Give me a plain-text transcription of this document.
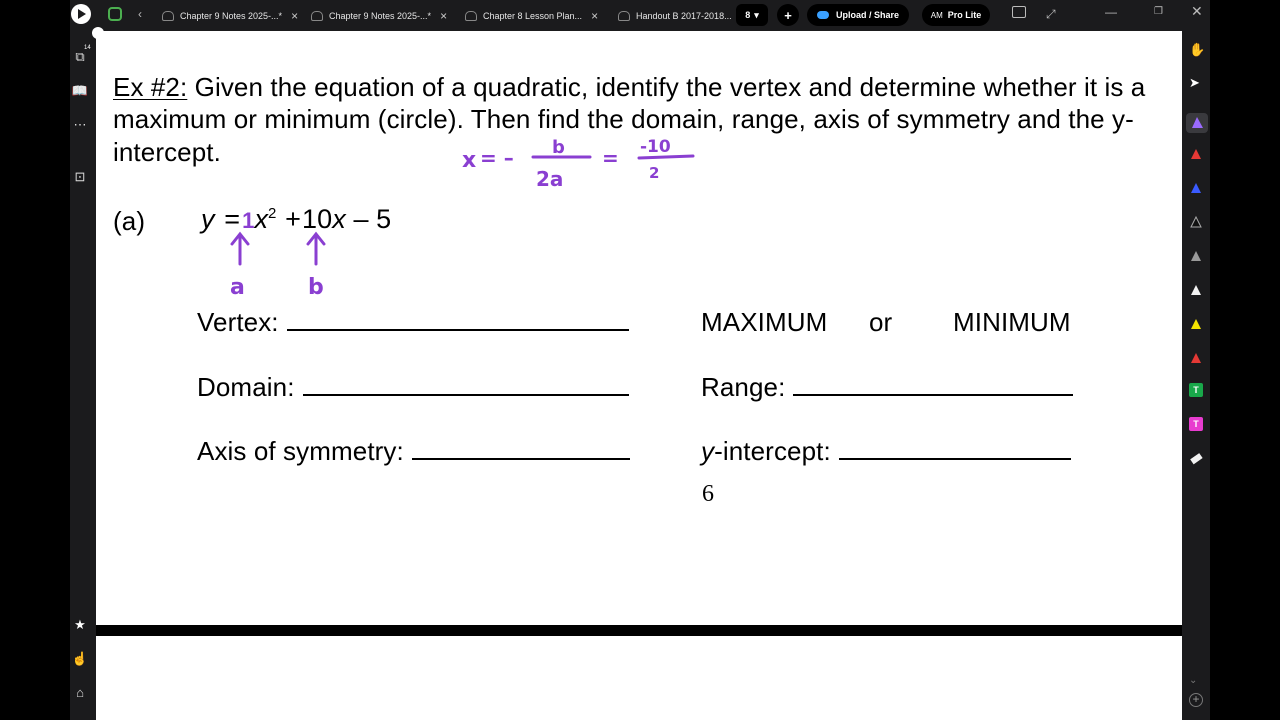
‹	Chapter 9 Notes 2025-...* ×	Chapter 9 Notes 2025-...* ×	Chapter 8 Lesson Plan... ×	Handout B 2017-2018... 8 ▾	+	Upload / Share	AM Pro Lite	⤢	—	❐ ✕
⧉
14
📖
⋯
⊡
★
☝
⌂
Ex #2: Given the equation of a quadratic, identify the vertex and determine whether it is a
maximum or minimum (circle). Then find the domain, range, axis of symmetry and the y-
intercept.
(a) $y =1x^2 +10x - 5$
Vertex:	MAXIMUM or MINIMUM
Domain:	Range:
Axis of symmetry:	y-intercept:
6
a	b
x = – b
2a
= -10
2
✋
➤
T
T
⌄
+
